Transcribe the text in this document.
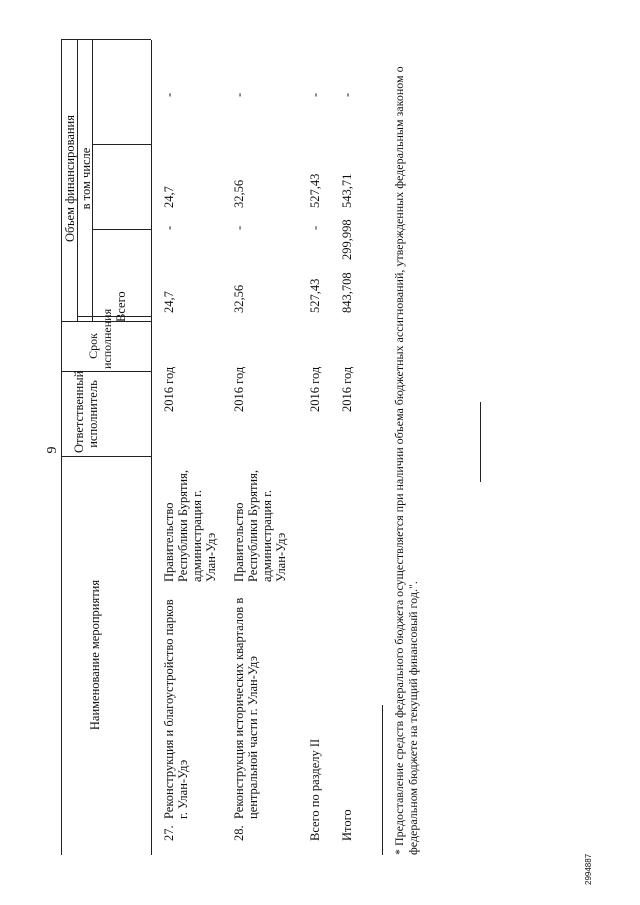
9
Наименование мероприятия
Ответственный исполнитель
Срок исполнения
Объем финансирования в том числе
27.
Реконструкция и благоустройство парков г. Улан-Удэ
Правительство Республики Бурятия, администрация г. Улан-Удэ
2016 год
24,7
-
24,7
-
28.
Реконструкция исторических кварталов в центральной части г. Улан-Удэ
Правительство Республики Бурятия, администрация г. Улан-Удэ
2016 год
32,56
-
32,56
-
Всего по разделу II
2016 год
527,43
-
527,43
-
Итого
2016 год
843,708
299,998
543,71
-	* Предоставление средств федерального бюджета осуществляется при наличии объема бюджетных ассигнований, утвержденных федеральным законом о федеральном бюджете на текущий финансовый год.".
2994887
Всего
